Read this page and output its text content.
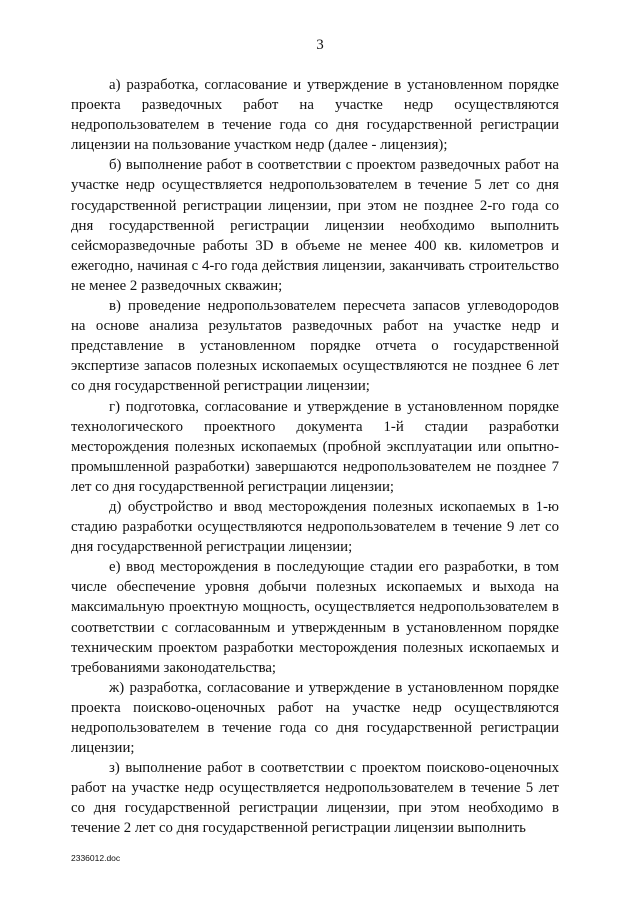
3

а) разработка, согласование и утверждение в установленном порядке проекта разведочных работ на участке недр осуществляются недропользователем в течение года со дня государственной регистрации лицензии на пользование участком недр (далее - лицензия);

б) выполнение работ в соответствии с проектом разведочных работ на участке недр осуществляется недропользователем в течение 5 лет со дня государственной регистрации лицензии, при этом не позднее 2-го года со дня государственной регистрации лицензии необходимо выполнить сейсморазведочные работы 3D в объеме не менее 400 кв. километров и ежегодно, начиная с 4-го года действия лицензии, заканчивать строительство не менее 2 разведочных скважин;

в) проведение недропользователем пересчета запасов углеводородов на основе анализа результатов разведочных работ на участке недр и представление в установленном порядке отчета о государственной экспертизе запасов полезных ископаемых осуществляются не позднее 6 лет со дня государственной регистрации лицензии;

г) подготовка, согласование и утверждение в установленном порядке технологического проектного документа 1-й стадии разработки месторождения полезных ископаемых (пробной эксплуатации или опытно-промышленной разработки) завершаются недропользователем не позднее 7 лет со дня государственной регистрации лицензии;

д) обустройство и ввод месторождения полезных ископаемых в 1-ю стадию разработки осуществляются недропользователем в течение 9 лет со дня государственной регистрации лицензии;

е) ввод месторождения в последующие стадии его разработки, в том числе обеспечение уровня добычи полезных ископаемых и выхода на максимальную проектную мощность, осуществляется недропользователем в соответствии с согласованным и утвержденным в установленном порядке техническим проектом разработки месторождения полезных ископаемых и требованиями законодательства;

ж) разработка, согласование и утверждение в установленном порядке проекта поисково-оценочных работ на участке недр осуществляются недропользователем в течение года со дня государственной регистрации лицензии;

з) выполнение работ в соответствии с проектом поисково-оценочных работ на участке недр осуществляется недропользователем в течение 5 лет со дня государственной регистрации лицензии, при этом необходимо в течение 2 лет со дня государственной регистрации лицензии выполнить

2336012.doc
